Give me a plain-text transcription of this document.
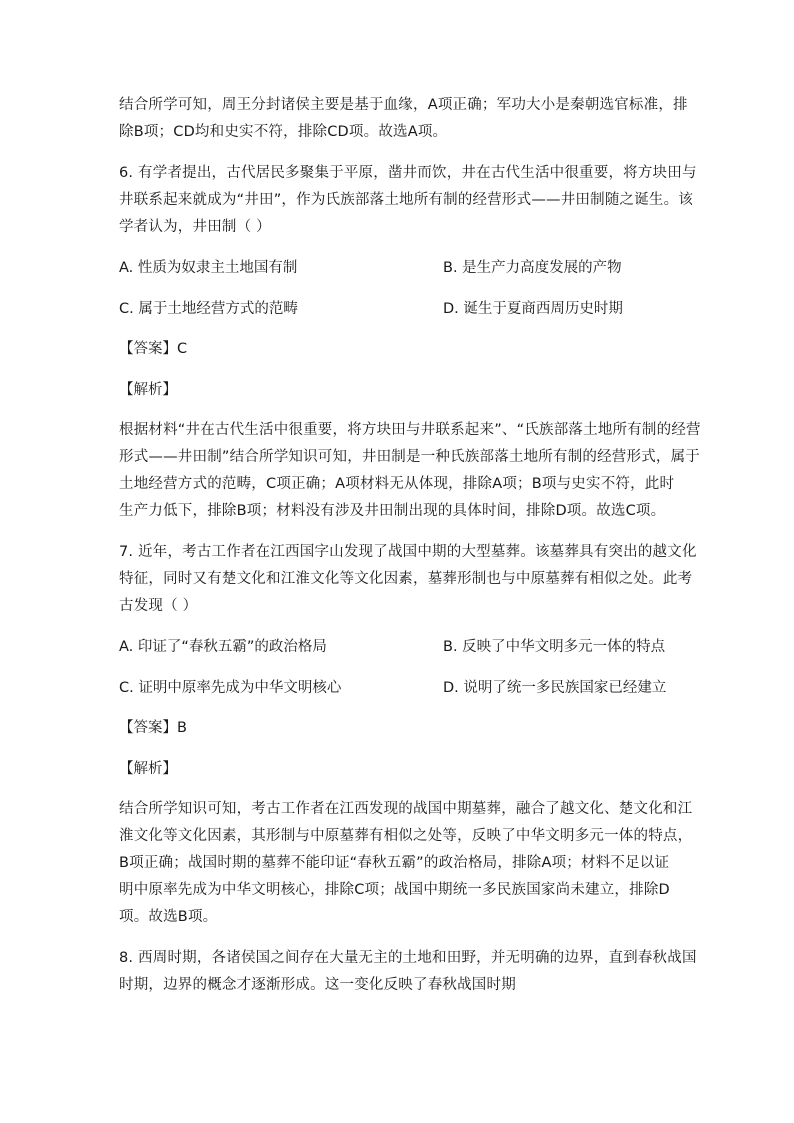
结合所学可知，周王分封诸侯主要是基于血缘，A项正确；军功大小是秦朝选官标准，排
除B项；CD均和史实不符，排除CD项。故选A项。
6. 有学者提出，古代居民多聚集于平原，凿井而饮，井在古代生活中很重要，将方块田与
井联系起来就成为“井田”，作为氏族部落土地所有制的经营形式——井田制随之诞生。该
学者认为，井田制（ ）
A. 性质为奴隶主土地国有制	B. 是生产力高度发展的产物
C. 属于土地经营方式的范畴	D. 诞生于夏商西周历史时期
【答案】C
【解析】
根据材料“井在古代生活中很重要，将方块田与井联系起来”、“氏族部落土地所有制的经营
形式——井田制”结合所学知识可知，井田制是一种氏族部落土地所有制的经营形式，属于
土地经营方式的范畴，C项正确；A项材料无从体现，排除A项；B项与史实不符，此时
生产力低下，排除B项；材料没有涉及井田制出现的具体时间，排除D项。故选C项。
7. 近年，考古工作者在江西国字山发现了战国中期的大型墓葬。该墓葬具有突出的越文化
特征，同时又有楚文化和江淮文化等文化因素，墓葬形制也与中原墓葬有相似之处。此考
古发现（ ）
A. 印证了“春秋五霸”的政治格局	B. 反映了中华文明多元一体的特点
C. 证明中原率先成为中华文明核心	D. 说明了统一多民族国家已经建立
【答案】B
【解析】
结合所学知识可知，考古工作者在江西发现的战国中期墓葬，融合了越文化、楚文化和江
淮文化等文化因素，其形制与中原墓葬有相似之处等，反映了中华文明多元一体的特点，
B项正确；战国时期的墓葬不能印证“春秋五霸”的政治格局，排除A项；材料不足以证
明中原率先成为中华文明核心，排除C项；战国中期统一多民族国家尚未建立，排除D
项。故选B项。
8. 西周时期，各诸侯国之间存在大量无主的土地和田野，并无明确的边界，直到春秋战国
时期，边界的概念才逐渐形成。这一变化反映了春秋战国时期
